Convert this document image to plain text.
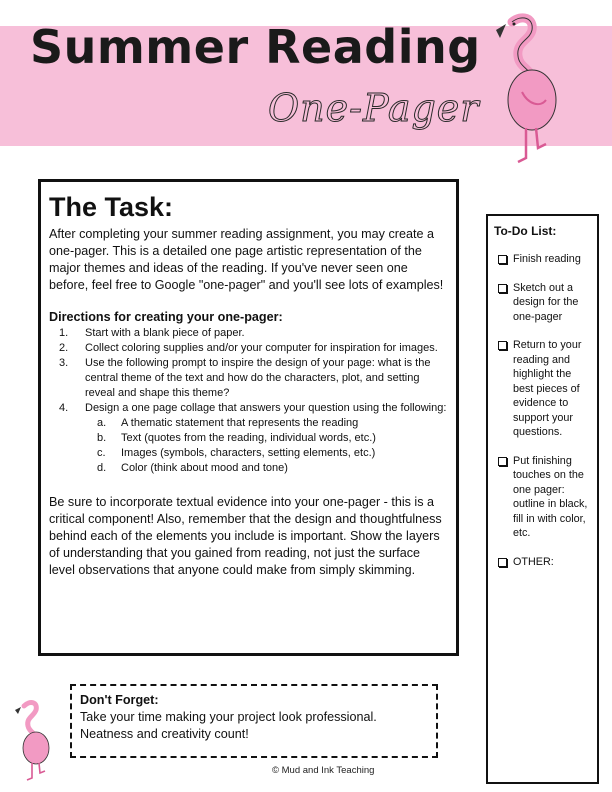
Summer Reading
One-Pager
The Task:

After completing your summer reading assignment, you may create a one-pager. This is a detailed one page artistic representation of the major themes and ideas of the reading. If you've never seen one before, feel free to Google "one-pager" and you'll see lots of examples!

Directions for creating your one-pager:
1. Start with a blank piece of paper.
2. Collect coloring supplies and/or your computer for inspiration for images.
3. Use the following prompt to inspire the design of your page: what is the central theme of the text and how do the characters, plot, and setting reveal and shape this theme?
4. Design a one page collage that answers your question using the following:
a. A thematic statement that represents the reading
b. Text (quotes from the reading, individual words, etc.)
c. Images (symbols, characters, setting elements, etc.)
d. Color (think about mood and tone)

Be sure to incorporate textual evidence into your one-pager - this is a critical component! Also, remember that the design and thoughtfulness behind each of the elements you include is important. Show the layers of understanding that you gained from reading, not just the surface level observations that anyone could make from simply skimming.

To-Do List:
Finish reading
Sketch out a design for the one-pager
Return to your reading and highlight the best pieces of evidence to support your questions.
Put finishing touches on the one pager: outline in black, fill in with color, etc.
OTHER:
Don't Forget:
Take your time making your project look professional.
Neatness and creativity count!
© Mud and Ink Teaching
